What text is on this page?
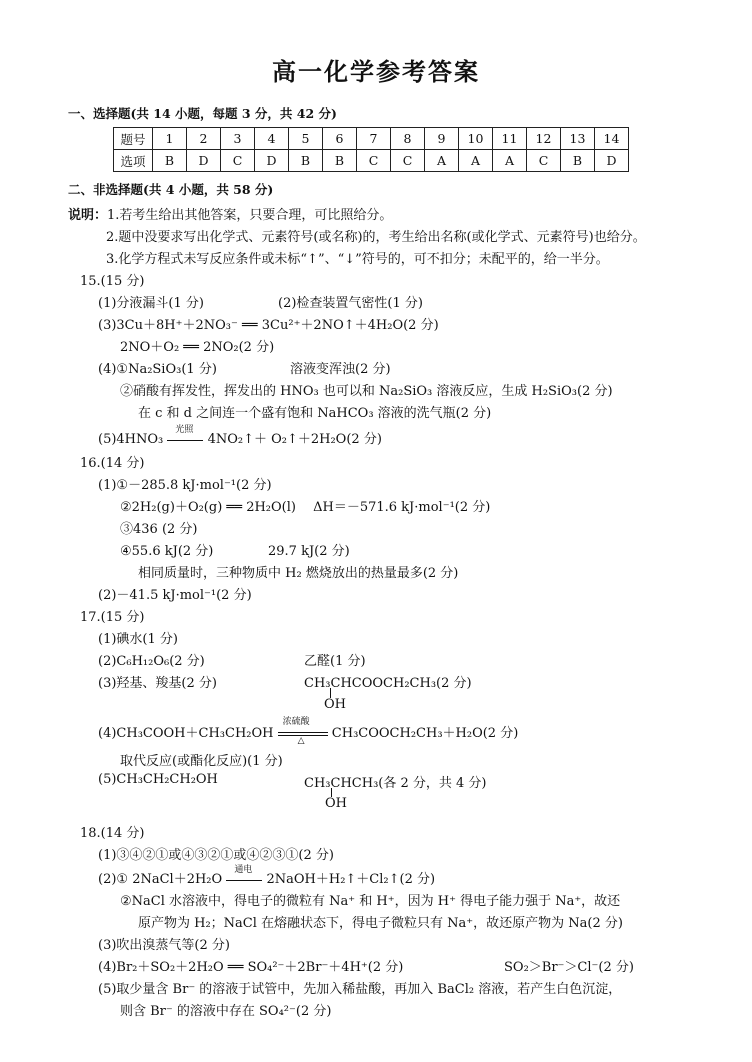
高一化学参考答案
一、选择题(共 14 小题，每题 3 分，共 42 分)
题号	1	2	3	4	5	6	7	8	9	10	11	12	13	14
选项	B	D	C	D	B	B	C	C	A	A	A	C	B	D
二、非选择题(共 4 小题，共 58 分)
说明：1.若考生给出其他答案，只要合理，可比照给分。
2.题中没要求写出化学式、元素符号(或名称)的，考生给出名称(或化学式、元素符号)也给分。
3.化学方程式未写反应条件或未标“↑”、“↓”符号的，可不扣分；未配平的，给一半分。
15.(15 分)
(1)分液漏斗(1 分)	(2)检查装置气密性(1 分)
(3)3Cu＋8H⁺＋2NO₃⁻ ══ 3Cu²⁺＋2NO↑＋4H₂O(2 分)
2NO＋O₂ ══ 2NO₂(2 分)
(4)①Na₂SiO₃(1 分)	溶液变浑浊(2 分)
②硝酸有挥发性，挥发出的 HNO₃ 也可以和 Na₂SiO₃ 溶液反应，生成 H₂SiO₃(2 分)
在 c 和 d 之间连一个盛有饱和 NaHCO₃ 溶液的洗气瓶(2 分)
(5)4HNO₃
光照
4NO₂↑＋ O₂↑＋2H₂O(2 分)
16.(14 分)
(1)①－285.8 kJ·mol⁻¹(2 分)
②2H₂(g)＋O₂(g) ══ 2H₂O(l)　 ΔH＝－571.6 kJ·mol⁻¹(2 分)
③436 (2 分)
④55.6 kJ(2 分)	29.7 kJ(2 分)
相同质量时，三种物质中 H₂ 燃烧放出的热量最多(2 分)
(2)－41.5 kJ·mol⁻¹(2 分)
17.(15 分)
(1)碘水(1 分)
(2)C₆H₁₂O₆(2 分)	乙醛(1 分)
(3)羟基、羧基(2 分)	CH₃CHCOOCH₂CH₃(2 分)
OH
(4)CH₃COOH＋CH₃CH₂OH
浓硫酸
△ CH₃COOCH₂CH₃＋H₂O(2 分)
取代反应(或酯化反应)(1 分)
(5)CH₃CH₂CH₂OH	CH₃CHCH₃(各 2 分，共 4 分)
OH
18.(14 分)
(1)③④②①或④③②①或④②③①(2 分)
(2)① 2NaCl＋2H₂O
通电
2NaOH＋H₂↑＋Cl₂↑(2 分)
②NaCl 水溶液中，得电子的微粒有 Na⁺ 和 H⁺，因为 H⁺ 得电子能力强于 Na⁺，故还
原产物为 H₂；NaCl 在熔融状态下，得电子微粒只有 Na⁺，故还原产物为 Na(2 分)
(3)吹出溴蒸气等(2 分)
(4)Br₂＋SO₂＋2H₂O ══ SO₄²⁻＋2Br⁻＋4H⁺(2 分)	SO₂＞Br⁻＞Cl⁻(2 分)
(5)取少量含 Br⁻ 的溶液于试管中，先加入稀盐酸，再加入 BaCl₂ 溶液，若产生白色沉淀，
则含 Br⁻ 的溶液中存在 SO₄²⁻(2 分)
